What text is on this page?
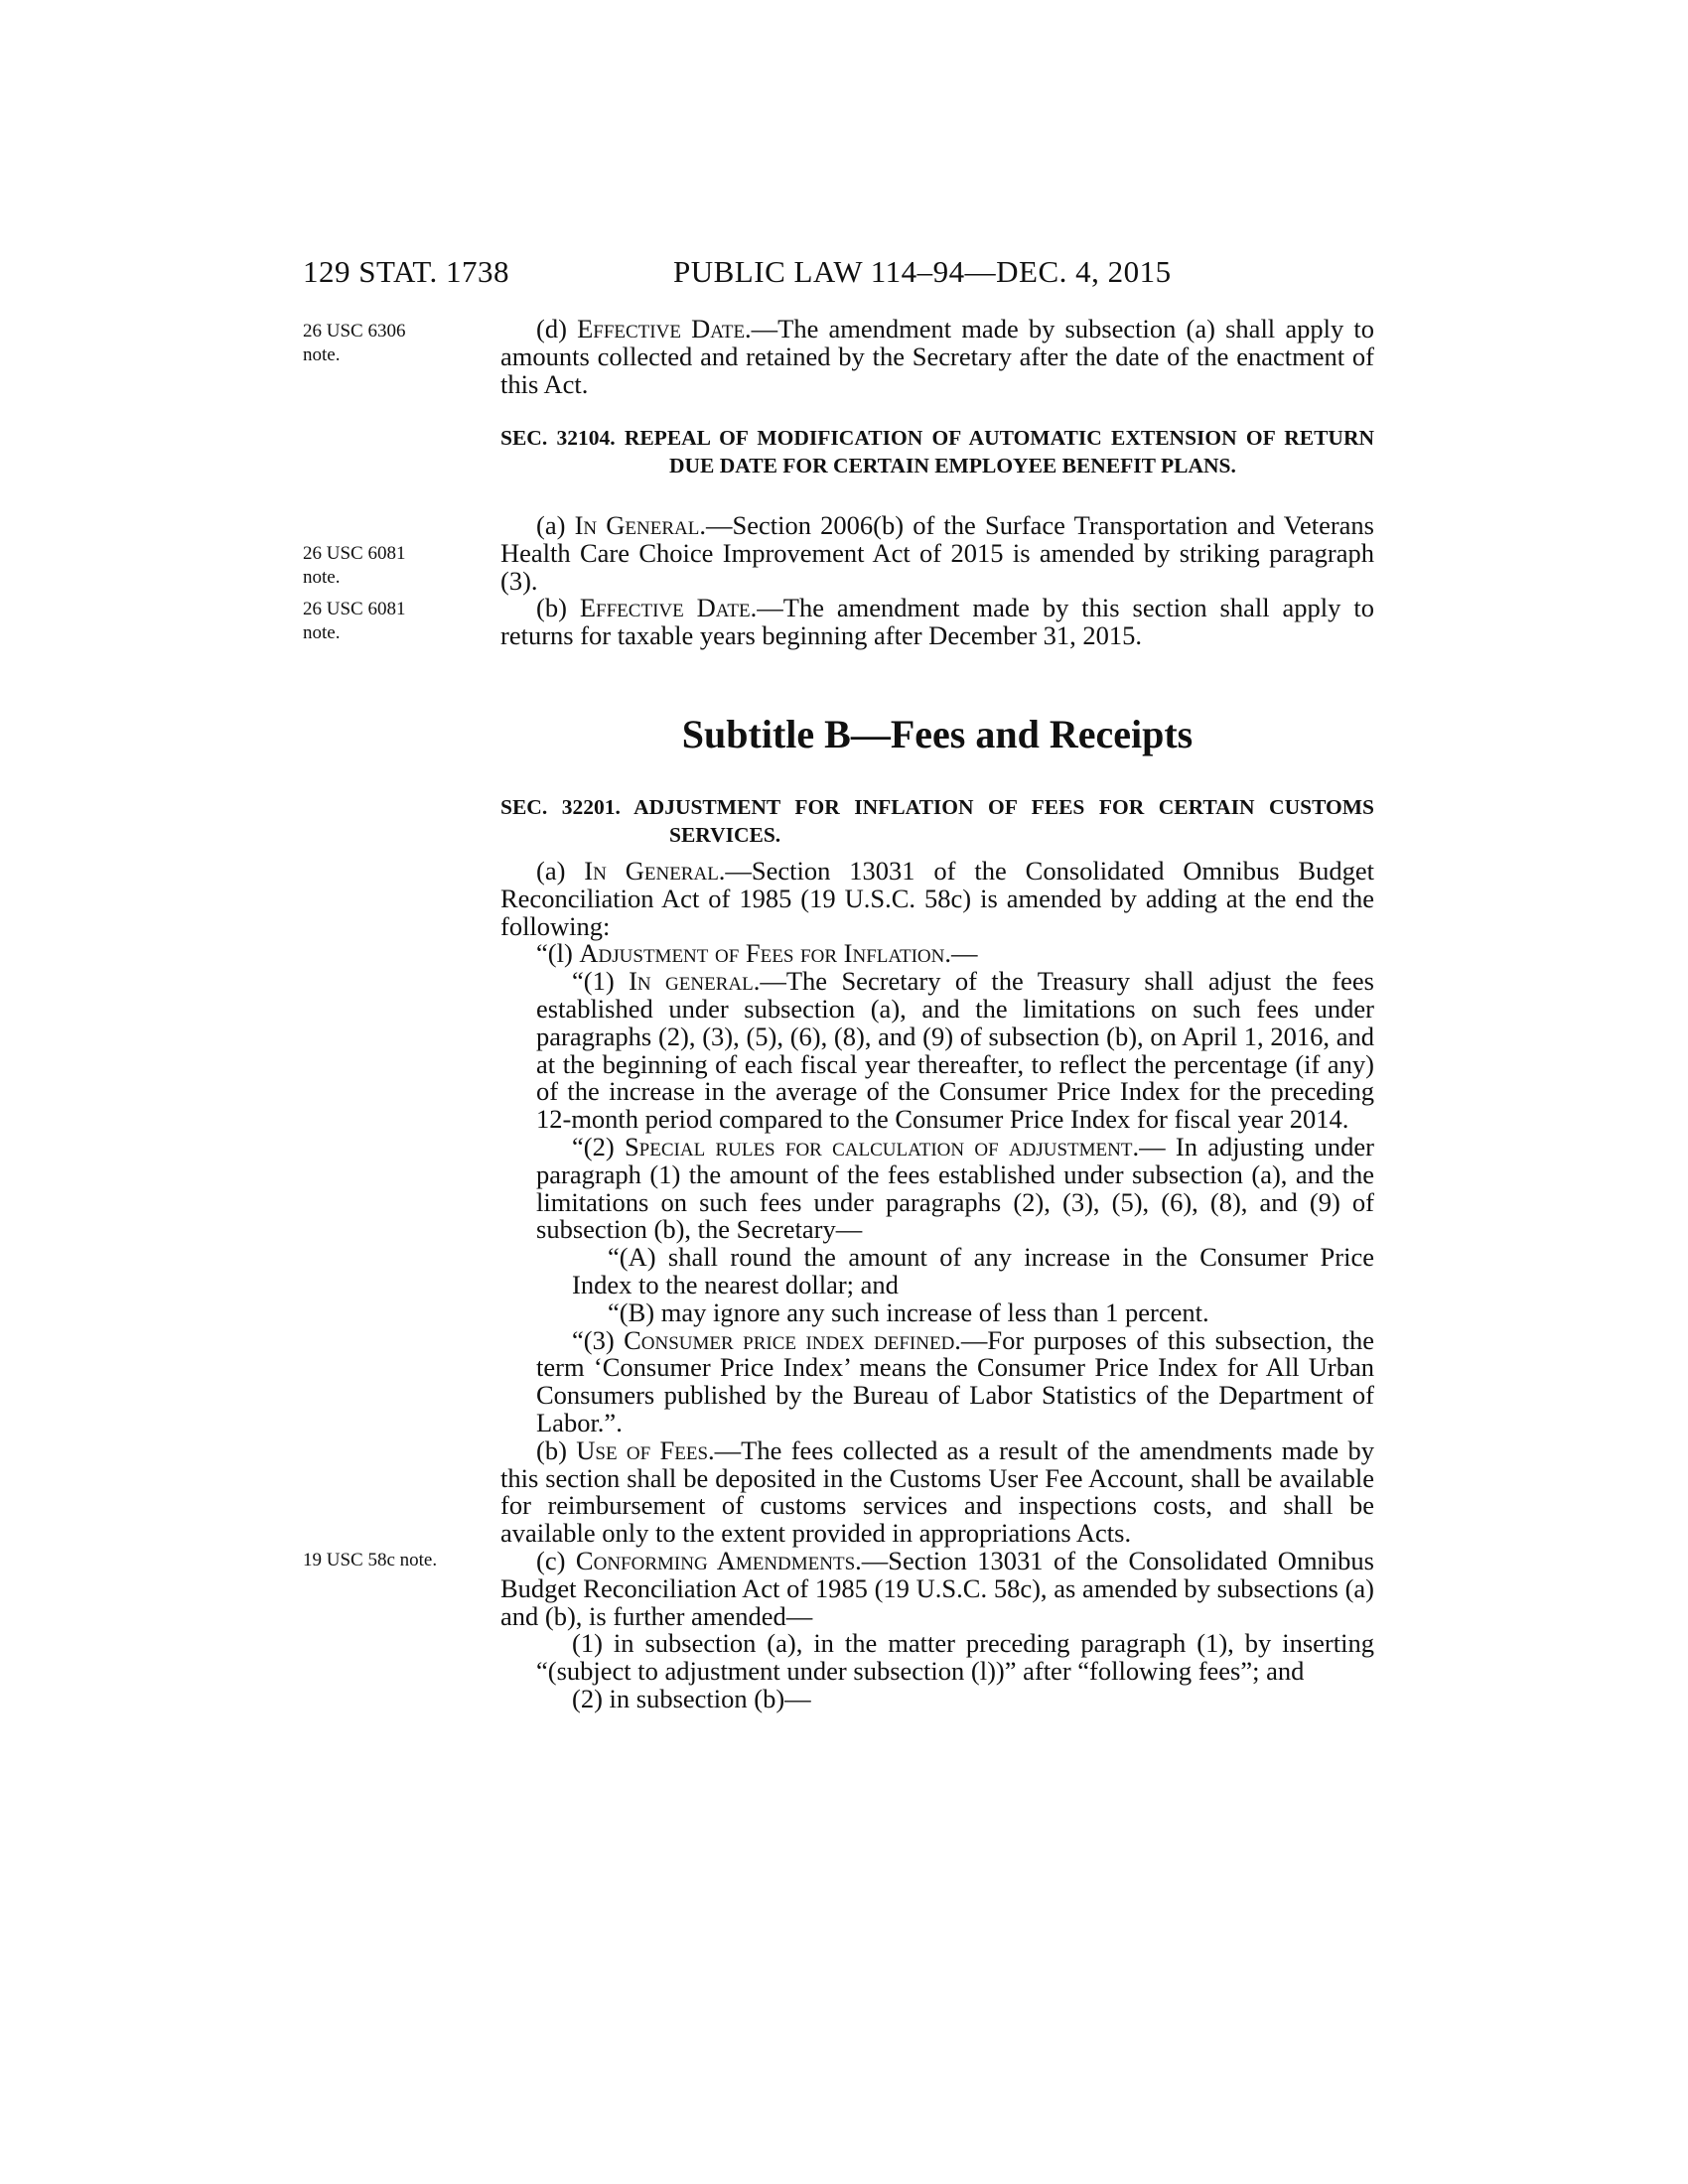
129 STAT. 1738	PUBLIC LAW 114–94—DEC. 4, 2015
26 USC 6306
note.
26 USC 6081
note.
26 USC 6081
note.
19 USC 58c note.

(d) Effective Date.—The amendment made by subsection (a) shall apply to amounts collected and retained by the Secretary after the date of the enactment of this Act.

SEC. 32104. REPEAL OF MODIFICATION OF AUTOMATIC EXTENSION OF RETURN DUE DATE FOR CERTAIN EMPLOYEE BENEFIT PLANS.

(a) In General.—Section 2006(b) of the Surface Transportation and Veterans Health Care Choice Improvement Act of 2015 is amended by striking paragraph (3).

(b) Effective Date.—The amendment made by this section shall apply to returns for taxable years beginning after December 31, 2015.

Subtitle B—Fees and Receipts
SEC. 32201. ADJUSTMENT FOR INFLATION OF FEES FOR CERTAIN CUSTOMS SERVICES.

(a) In General.—Section 13031 of the Consolidated Omnibus Budget Reconciliation Act of 1985 (19 U.S.C. 58c) is amended by adding at the end the following:

“(l) Adjustment of Fees for Inflation.—

“(1) In general.—The Secretary of the Treasury shall adjust the fees established under subsection (a), and the limitations on such fees under paragraphs (2), (3), (5), (6), (8), and (9) of subsection (b), on April 1, 2016, and at the beginning of each fiscal year thereafter, to reflect the percentage (if any) of the increase in the average of the Consumer Price Index for the preceding 12-month period compared to the Consumer Price Index for fiscal year 2014.

“(2) Special rules for calculation of adjustment.— In adjusting under paragraph (1) the amount of the fees established under subsection (a), and the limitations on such fees under paragraphs (2), (3), (5), (6), (8), and (9) of subsection (b), the Secretary—

“(A) shall round the amount of any increase in the Consumer Price Index to the nearest dollar; and

“(B) may ignore any such increase of less than 1 percent.

“(3) Consumer price index defined.—For purposes of this subsection, the term ‘Consumer Price Index’ means the Consumer Price Index for All Urban Consumers published by the Bureau of Labor Statistics of the Department of Labor.”.

(b) Use of Fees.—The fees collected as a result of the amendments made by this section shall be deposited in the Customs User Fee Account, shall be available for reimbursement of customs services and inspections costs, and shall be available only to the extent provided in appropriations Acts.

(c) Conforming Amendments.—Section 13031 of the Consolidated Omnibus Budget Reconciliation Act of 1985 (19 U.S.C. 58c), as amended by subsections (a) and (b), is further amended—

(1) in subsection (a), in the matter preceding paragraph (1), by inserting “(subject to adjustment under subsection (l))” after “following fees”; and

(2) in subsection (b)—
